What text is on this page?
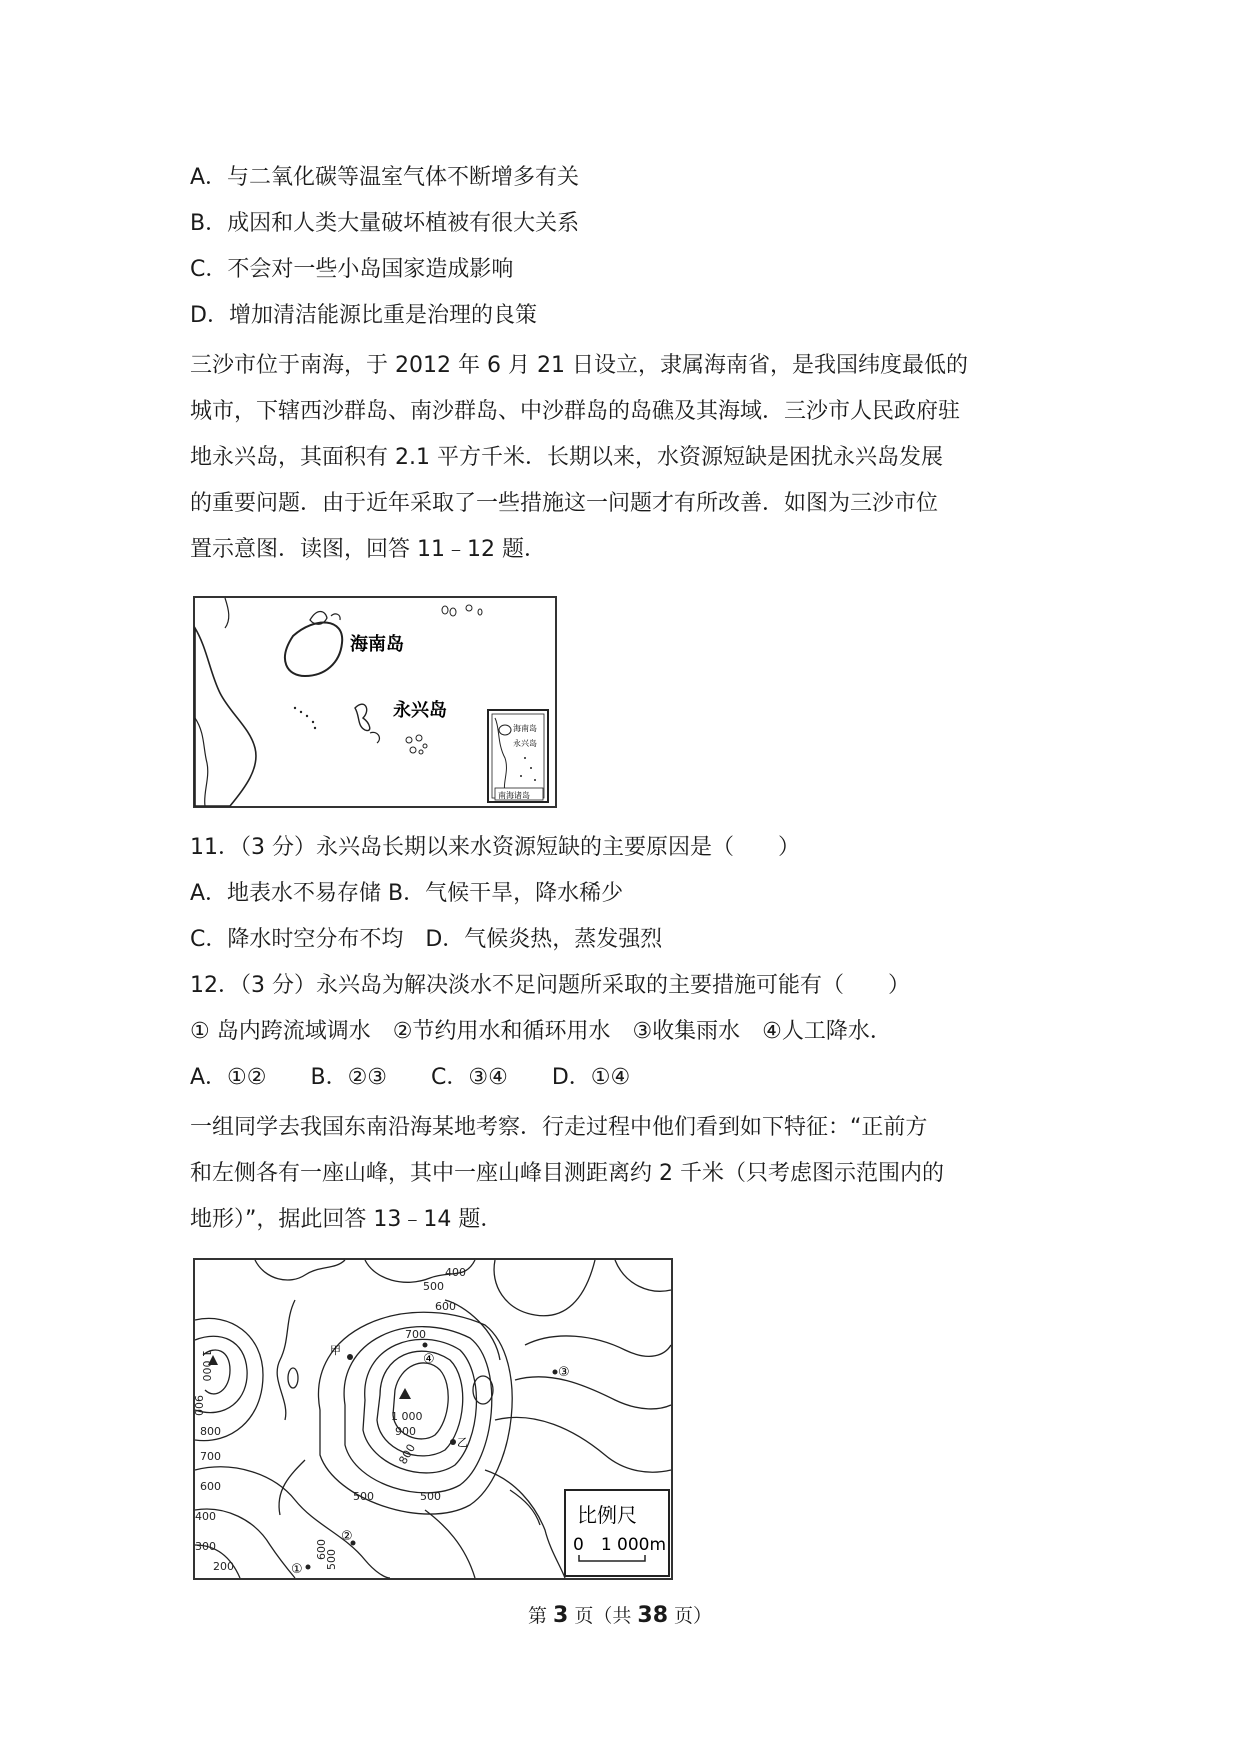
A．与二氧化碳等温室气体不断增多有关
B．成因和人类大量破坏植被有很大关系
C．不会对一些小岛国家造成影响
D．增加清洁能源比重是治理的良策
三沙市位于南海，于 2012 年 6 月 21 日设立，隶属海南省，是我国纬度最低的
城市，下辖西沙群岛、南沙群岛、中沙群岛的岛礁及其海域．三沙市人民政府驻
地永兴岛，其面积有 2.1 平方千米．长期以来，水资源短缺是困扰永兴岛发展
的重要问题．由于近年采取了一些措施这一问题才有所改善．如图为三沙市位
置示意图．读图，回答 11﹣12 题．
海南岛
永兴岛
海南岛
永兴岛
南海诸岛
11．（3 分）永兴岛长期以来水资源短缺的主要原因是（　　）
A．地表水不易存储 B．气候干旱，降水稀少
C．降水时空分布不均　D．气候炎热，蒸发强烈
12．（3 分）永兴岛为解决淡水不足问题所采取的主要措施可能有（　　）
① 岛内跨流域调水　②节约用水和循环用水　③收集雨水　④人工降水．
A．①②　　B．②③　　C．③④　　D．①④
一组同学去我国东南沿海某地考察．行走过程中他们看到如下特征：“正前方
和左侧各有一座山峰，其中一座山峰目测距离约 2 千米（只考虑图示范围内的
地形）”，据此回答 13﹣14 题．
400
500
600
700
1 000
900
800
1 000
900
800
700
600
500
400
300
200
500
600
500
甲
乙
④
③
②
①
比例尺
0　1 000m
第 3 页（共 38 页）
